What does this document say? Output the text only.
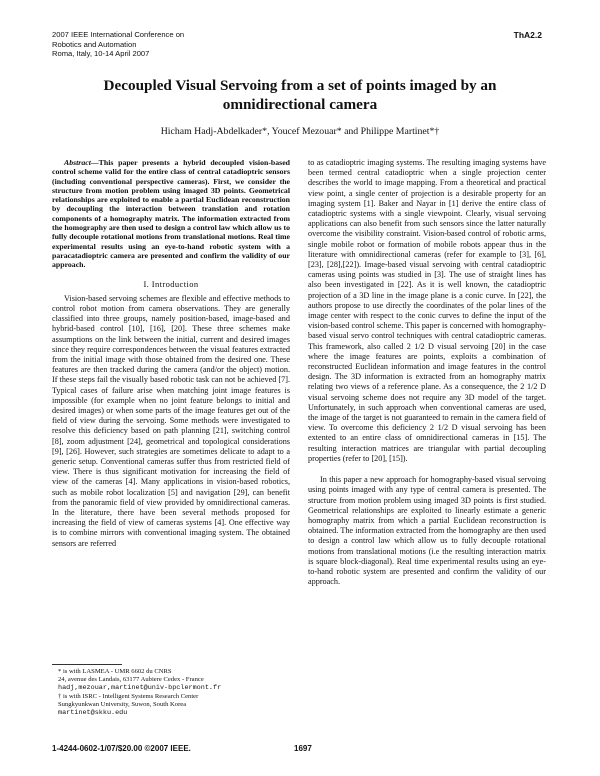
2007 IEEE International Conference on
Robotics and Automation
Roma, Italy, 10-14 April 2007
ThA2.2
Decoupled Visual Servoing from a set of points imaged by an omnidirectional camera
Hicham Hadj-Abdelkader*, Youcef Mezouar* and Philippe Martinet*†

Abstract—This paper presents a hybrid decoupled vision-based control scheme valid for the entire class of central catadioptric sensors (including conventional perspective cameras). First, we consider the structure from motion problem using imaged 3D points. Geometrical relationships are exploited to enable a partial Euclidean reconstruction by decoupling the interaction between translation and rotation components of a homography matrix. The information extracted from the homography are then used to design a control law which allow us to fully decouple rotational motions from translational motions. Real time experimental results using an eye-to-hand robotic system with a paracatadioptric camera are presented and confirm the validity of our approach.

I. Introduction

Vision-based servoing schemes are flexible and effective methods to control robot motion from camera observations. They are generally classified into three groups, namely position-based, image-based and hybrid-based control [10], [16], [20]. These three schemes make assumptions on the link between the initial, current and desired images since they require correspondences between the visual features extracted from the initial image with those obtained from the desired one. These features are then tracked during the camera (and/or the object) motion. If these steps fail the visually based robotic task can not be achieved [7]. Typical cases of failure arise when matching joint image features is impossible (for example when no joint feature belongs to initial and desired images) or when some parts of the image features get out of the field of view during the servoing. Some methods were investigated to resolve this deficiency based on path planning [21], switching control [8], zoom adjustment [24], geometrical and topological considerations [9], [26]. However, such strategies are sometimes delicate to adapt to a generic setup. Conventional cameras suffer thus from restricted field of view. There is thus significant motivation for increasing the field of view of the cameras [4]. Many applications in vision-based robotics, such as mobile robot localization [5] and navigation [29], can benefit from the panoramic field of view provided by omnidirectional cameras. In the literature, there have been several methods proposed for increasing the field of view of cameras systems [4]. One effective way is to combine mirrors with conventional imaging system. The obtained sensors are referred

to as catadioptric imaging systems. The resulting imaging systems have been termed central catadioptric when a single projection center describes the world to image mapping. From a theoretical and practical view point, a single center of projection is a desirable property for an imaging system [1]. Baker and Nayar in [1] derive the entire class of catadioptric systems with a single viewpoint. Clearly, visual servoing applications can also benefit from such sensors since the latter naturally overcome the visibility constraint. Vision-based control of robotic arms, single mobile robot or formation of mobile robots appear thus in the literature with omnidirectional cameras (refer for example to [3], [6], [23], [28],[22]). Image-based visual servoing with central catadioptric cameras using points was studied in [3]. The use of straight lines has also been investigated in [22]. As it is well known, the catadioptric projection of a 3D line in the image plane is a conic curve. In [22], the authors propose to use directly the coordinates of the polar lines of the image center with respect to the conic curves to define the input of the vision-based control scheme. This paper is concerned with homography-based visual servo control techniques with central catadioptric cameras. This framework, also called 2 1/2 D visual servoing [20] in the case where the image features are points, exploits a combination of reconstructed Euclidean information and image features in the control design. The 3D information is extracted from an homography matrix relating two views of a reference plane. As a consequence, the 2 1/2 D visual servoing scheme does not require any 3D model of the target. Unfortunately, in such approach when conventional cameras are used, the image of the target is not guaranteed to remain in the camera field of view. To overcome this deficiency 2 1/2 D visual servoing has been extented to an entire class of omnidirectional cameras in [15]. The resulting interaction matrices are triangular with partial decoupling properties (refer to [20], [15]).

In this paper a new approach for homography-based visual servoing using points imaged with any type of central camera is presented. The structure from motion problem using imaged 3D points is first studied. Geometrical relationships are exploited to linearly estimate a generic homography matrix from which a partial Euclidean reconstruction is obtained. The information extracted from the homography are then used to design a control law which allow us to fully decouple rotational motions from translational motions (i.e the resulting interaction matrix is square block-diagonal). Real time experimental results using an eye-to-hand robotic system are presented and confirm the validity of our approach.

* is with LASMEA - UMR 6602 du CNRS
24, avenue des Landais, 63177 Aubiere Cedex - France
hadj,mezouar,martinet@univ-bpclermont.fr
† is with ISRC - Intelligent Systems Research Center
Sungkyunkwan University, Suwon, South Korea
martinet@skku.edu
1-4244-0602-1/07/$20.00 ©2007 IEEE.	1697
